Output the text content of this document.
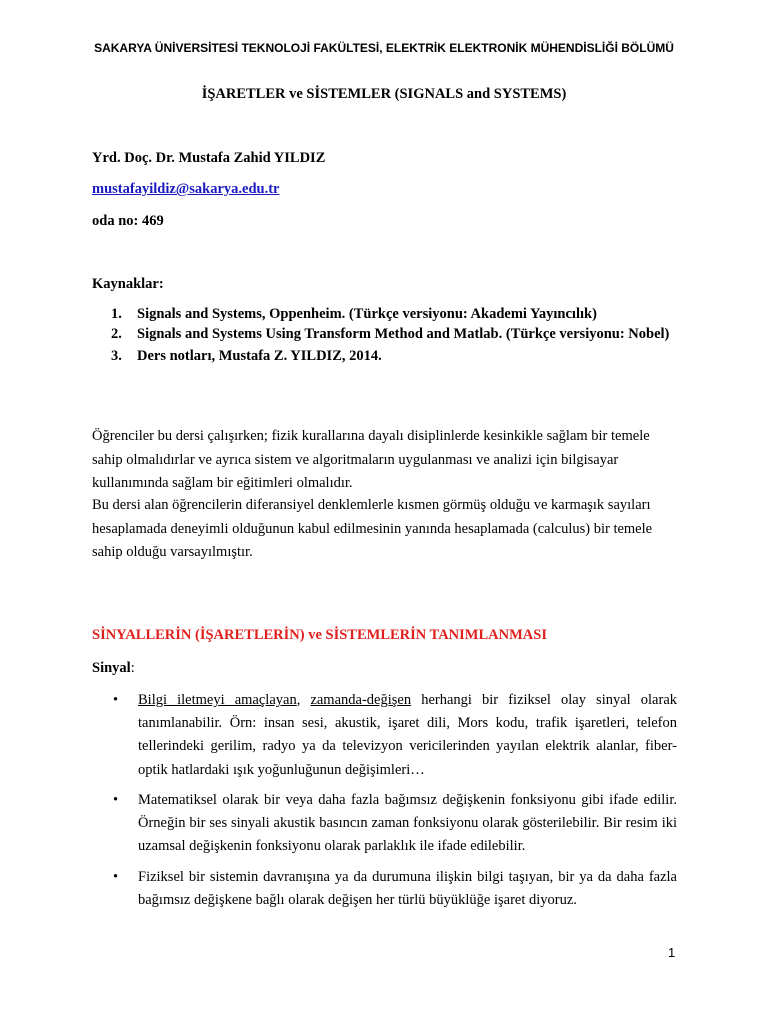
SAKARYA ÜNİVERSİTESİ TEKNOLOJİ FAKÜLTESİ, ELEKTRİK ELEKTRONİK MÜHENDİSLİĞİ BÖLÜMÜ
İŞARETLER ve SİSTEMLER (SIGNALS and SYSTEMS)
Yrd. Doç. Dr. Mustafa Zahid YILDIZ
mustafayildiz@sakarya.edu.tr
oda no: 469
Kaynaklar:
1. Signals and Systems, Oppenheim. (Türkçe versiyonu: Akademi Yayıncılık)
2. Signals and Systems Using Transform Method and Matlab. (Türkçe versiyonu: Nobel)
3. Ders notları, Mustafa Z. YILDIZ, 2014.

Öğrenciler bu dersi çalışırken; fizik kurallarına dayalı disiplinlerde kesinkikle sağlam bir temele sahip olmalıdırlar ve ayrıca sistem ve algoritmaların uygulanması ve analizi için bilgisayar kullanımında sağlam bir eğitimleri olmalıdır.

Bu dersi alan öğrencilerin diferansiyel denklemlerle kısmen görmüş olduğu ve karmaşık sayıları hesaplamada deneyimli olduğunun kabul edilmesinin yanında hesaplamada (calculus) bir temele sahip olduğu varsayılmıştır.

SİNYALLERİN (İŞARETLERİN) ve SİSTEMLERİN TANIMLANMASI
Sinyal:
• Bilgi iletmeyi amaçlayan, zamanda-değişen herhangi bir fiziksel olay sinyal olarak tanımlanabilir. Örn: insan sesi, akustik, işaret dili, Mors kodu, trafik işaretleri, telefon tellerindeki gerilim, radyo ya da televizyon vericilerinden yayılan elektrik alanlar, fiber-optik hatlardaki ışık yoğunluğunun değişimleri…
• Matematiksel olarak bir veya daha fazla bağımsız değişkenin fonksiyonu gibi ifade edilir. Örneğin bir ses sinyali akustik basıncın zaman fonksiyonu olarak gösterilebilir. Bir resim iki uzamsal değişkenin fonksiyonu olarak parlaklık ile ifade edilebilir.
• Fiziksel bir sistemin davranışına ya da durumuna ilişkin bilgi taşıyan, bir ya da daha fazla bağımsız değişkene bağlı olarak değişen her türlü büyüklüğe işaret diyoruz.
1
